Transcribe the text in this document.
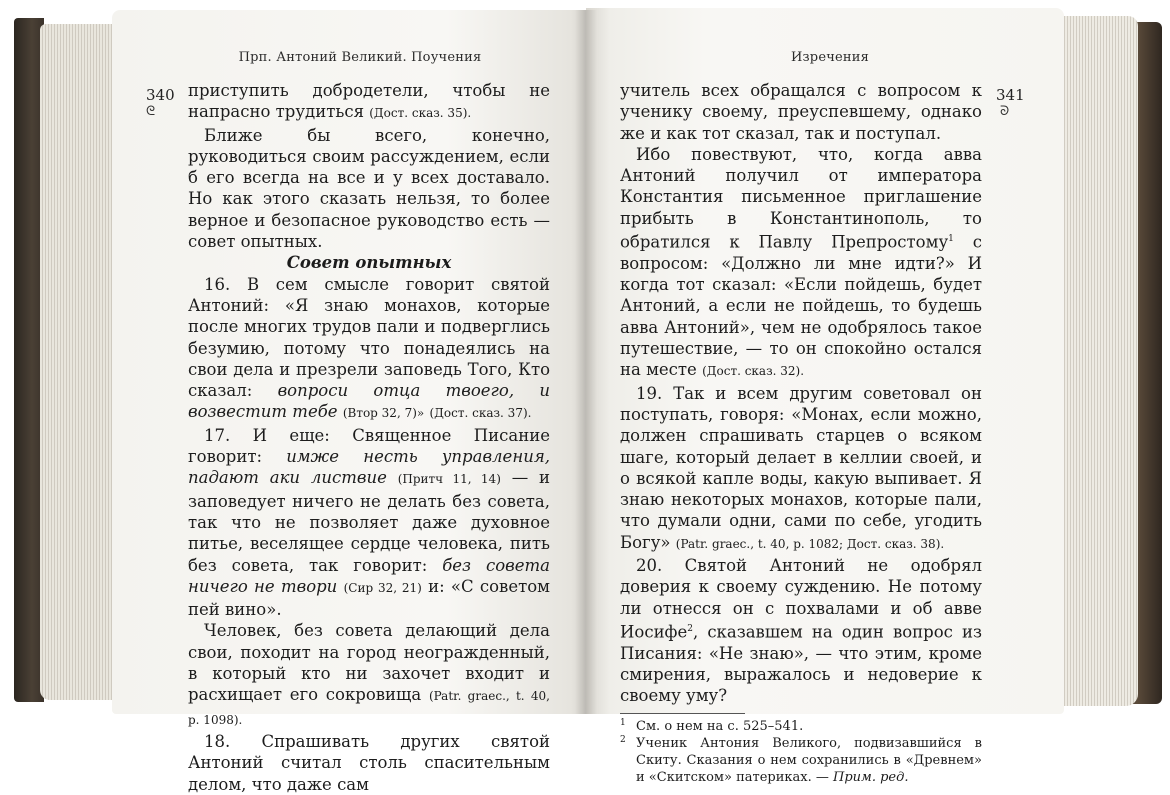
Прп. Антоний Великий. Поучения	Изречения
340
ᘓ
341
ᘐ

приступить добродетели, чтобы не напрасно трудиться (Дост. сказ. 35).

Ближе бы всего, конечно, руководиться своим рассуждением, если б его всегда на все и у всех доставало. Но как этого сказать нельзя, то более верное и безопасное руководство есть — совет опытных.

Совет опытных

16. В сем смысле говорит святой Антоний: «Я знаю монахов, которые после многих трудов пали и подверглись безумию, потому что понадеялись на свои дела и презрели заповедь Того, Кто сказал: вопроси отца твоего, и возвестит тебе (Втор 32, 7)» (Дост. сказ. 37).

17. И еще: Священное Писание говорит: имже несть управления, падают аки листвие (Притч 11, 14) — и заповедует ничего не делать без совета, так что не позволяет даже духовное питье, веселящее сердце человека, пить без совета, так говорит: без совета ничего не твори (Сир 32, 21) и: «С советом пей вино».

Человек, без совета делающий дела свои, походит на город неогражденный, в который кто ни захочет входит и расхищает его сокровища (Patr. graec., t. 40, p. 1098).

18. Спрашивать других святой Антоний считал столь спасительным делом, что даже сам

учитель всех обращался с вопросом к ученику своему, преуспевшему, однако же и как тот сказал, так и поступал.

Ибо повествуют, что, когда авва Антоний получил от императора Константия письменное приглашение прибыть в Константинополь, то обратился к Павлу Препростому$^1$ с вопросом: «Должно ли мне идти?» И когда тот сказал: «Если пойдешь, будет Антоний, а если не пойдешь, то будешь авва Антоний», чем не одобрялось такое путешествие, — то он спокойно остался на месте (Дост. сказ. 32).

19. Так и всем другим советовал он поступать, говоря: «Монах, если можно, должен спрашивать старцев о всяком шаге, который делает в келлии своей, и о всякой капле воды, какую выпивает. Я знаю некоторых монахов, которые пали, что думали одни, сами по себе, угодить Богу» (Patr. graec., t. 40, p. 1082; Дост. сказ. 38).

20. Святой Антоний не одобрял доверия к своему суждению. Не потому ли отнесся он с похвалами и об авве Иосифе$^2$, сказавшем на один вопрос из Писания: «Не знаю», — что этим, кроме смирения, выражалось и недоверие к своему уму?

1 См. о нем на с. 525–541.
2 Ученик Антония Великого, подвизавшийся в Скиту. Сказания о нем сохранились в «Древнем» и «Скитском» патериках. — Прим. ред.
